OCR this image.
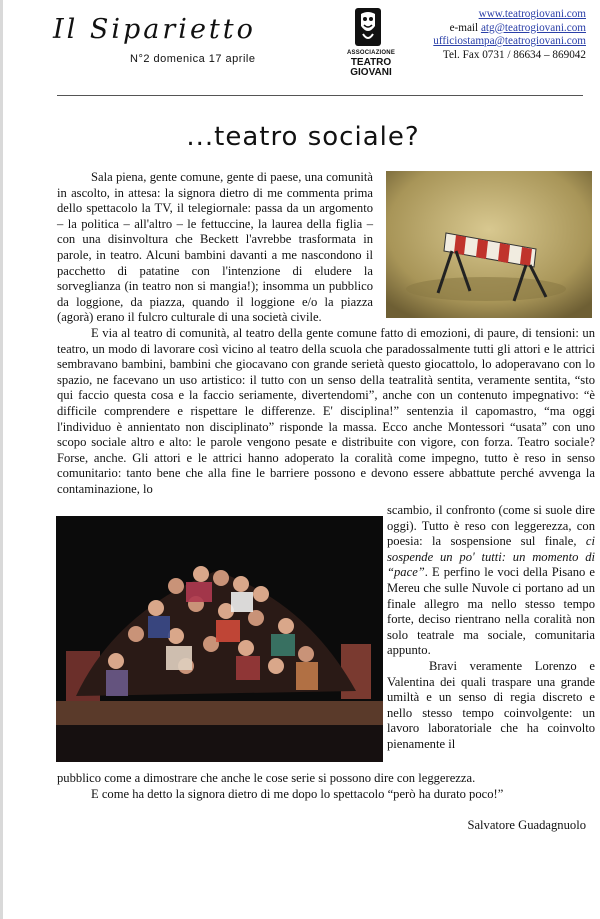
Il Siparietto
N°2 domenica 17 aprile	ASSOCIAZIONE
TEATRO
GIOVANI
www.teatrogiovani.com
e-mail atg@teatrogiovani.com
ufficiostampa@teatrogiovani.com
Tel. Fax 0731 / 86634 – 869042
...teatro sociale?
Sala piena, gente comune, gente di paese, una comunità in ascolto, in attesa: la signora dietro di me commenta prima dello spettacolo la TV, il telegiornale: passa da un argomento – la politica – all'altro – le fettuccine, la laurea della figlia – con una disinvoltura che Beckett l'avrebbe trasformata in parole, in teatro. Alcuni bambini davanti a me nascondono il pacchetto di patatine con l'intenzione di eludere la sorveglianza (in teatro non si mangia!); insomma un pubblico da loggione, da piazza, quando il loggione e/o la piazza (agorà) erano il fulcro culturale di una società civile.
E via al teatro di comunità, al teatro della gente comune fatto di emozioni, di paure, di tensioni: un teatro, un modo di lavorare così vicino al teatro della scuola che paradossalmente tutti gli attori e le attrici sembravano bambini, bambini che giocavano con grande serietà questo giocattolo, lo adoperavano con lo spazio, ne facevano un uso artistico: il tutto con un senso della teatralità sentita, veramente sentita, “sto qui faccio questa cosa e la faccio seriamente, divertendomi”, anche con un contenuto impegnativo: “è difficile comprendere e rispettare le differenze. E' disciplina!” sentenzia il capomastro, “ma oggi l'individuo è annientato non disciplinato” risponde la massa. Ecco anche Montessori “usata” con uno scopo sociale altro e alto: le parole vengono pesate e distribuite con vigore, con forza. Teatro sociale? Forse, anche. Gli attori e le attrici hanno adoperato la coralità come impegno, tutto è reso in senso comunitario: tanto bene che alla fine le barriere possono e devono essere abbattute perché avvenga la contaminazione, lo

scambio, il confronto (come si suole dire oggi). Tutto è reso con leggerezza, con poesia: la sospensione sul finale, ci sospende un po' tutti: un momento di “pace”. E perfino le voci della Pisano e Mereu che sulle Nuvole ci portano ad un finale allegro ma nello stesso tempo forte, deciso rientrano nella coralità non solo teatrale ma sociale, comunitaria appunto.

Bravi veramente Lorenzo e Valentina dei quali traspare una grande umiltà e un senso di regia discreto e nello stesso tempo coinvolgente: un lavoro laboratoriale che ha coinvolto pienamente il

pubblico come a dimostrare che anche le cose serie si possono dire con leggerezza.

E come ha detto la signora dietro di me dopo lo spettacolo “però ha durato poco!”

Salvatore Guadagnuolo
